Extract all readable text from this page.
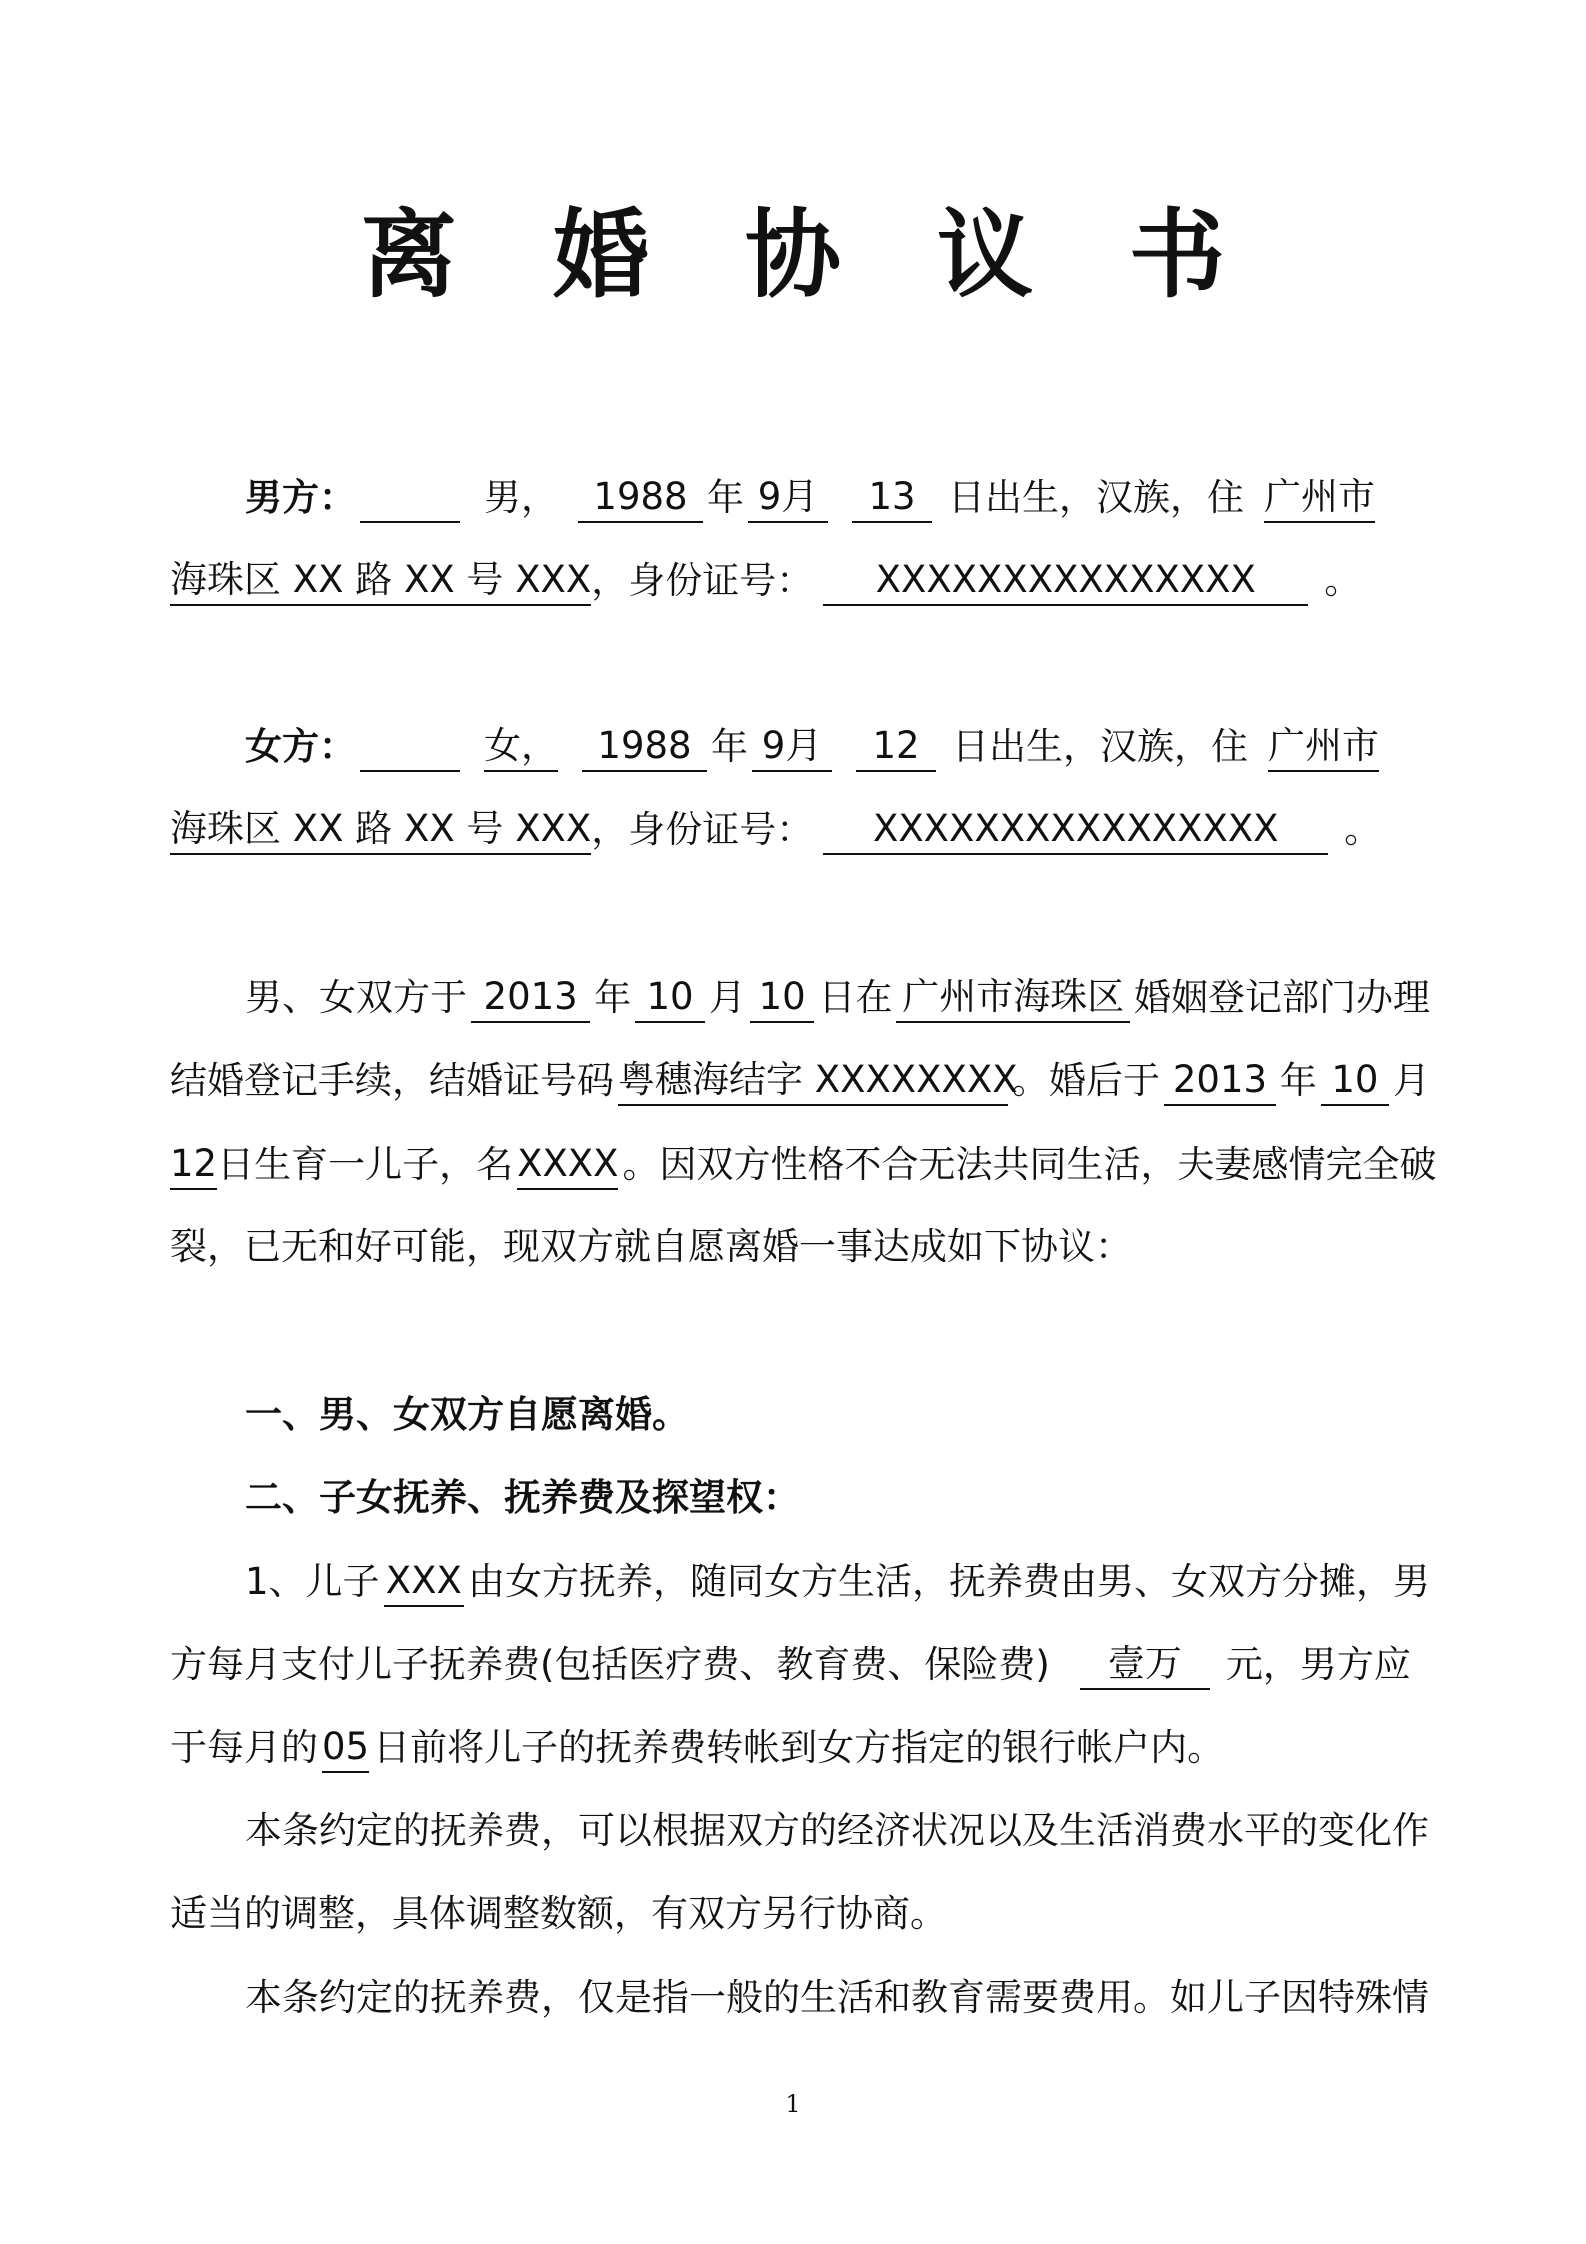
离婚协议书
男方：	男， 1988 年 9月	13 日出生，汉族，住 广州市
海珠区 XX 路 XX 号 XXX ，身份证号：	XXXXXXXXXXXXXXX	。
女方：	女，	1988 年 9月	12 日出生，汉族，住 广州市
海珠区 XX 路 XX 号 XXX ，身份证号：	XXXXXXXXXXXXXXXX	。
男、女双方于 2013 年 10 月 10 日在 广州市海珠区 婚姻登记部门办理
结婚登记手续，结婚证号码 粤穗海结字 XXXXXXXX
。婚后于 2013 年 10 月
12 日生育一儿子，名 XXXX 。因双方性格不合无法共同生活，夫妻感情完全破
裂，已无和好可能，现双方就自愿离婚一事达成如下协议：
一、男、女双方自愿离婚。
二、子女抚养、抚养费及探望权：
1、儿子 XXX 由女方抚养，随同女方生活，抚养费由男、女双方分摊，男
方每月支付儿子抚养费(包括医疗费、教育费、保险费)	壹万	元，男方应
于每月的 05 日前将儿子的抚养费转帐到女方指定的银行帐户内。
本条约定的抚养费，可以根据双方的经济状况以及生活消费水平的变化作
适当的调整，具体调整数额，有双方另行协商。
本条约定的抚养费，仅是指一般的生活和教育需要费用。如儿子因特殊情
1
